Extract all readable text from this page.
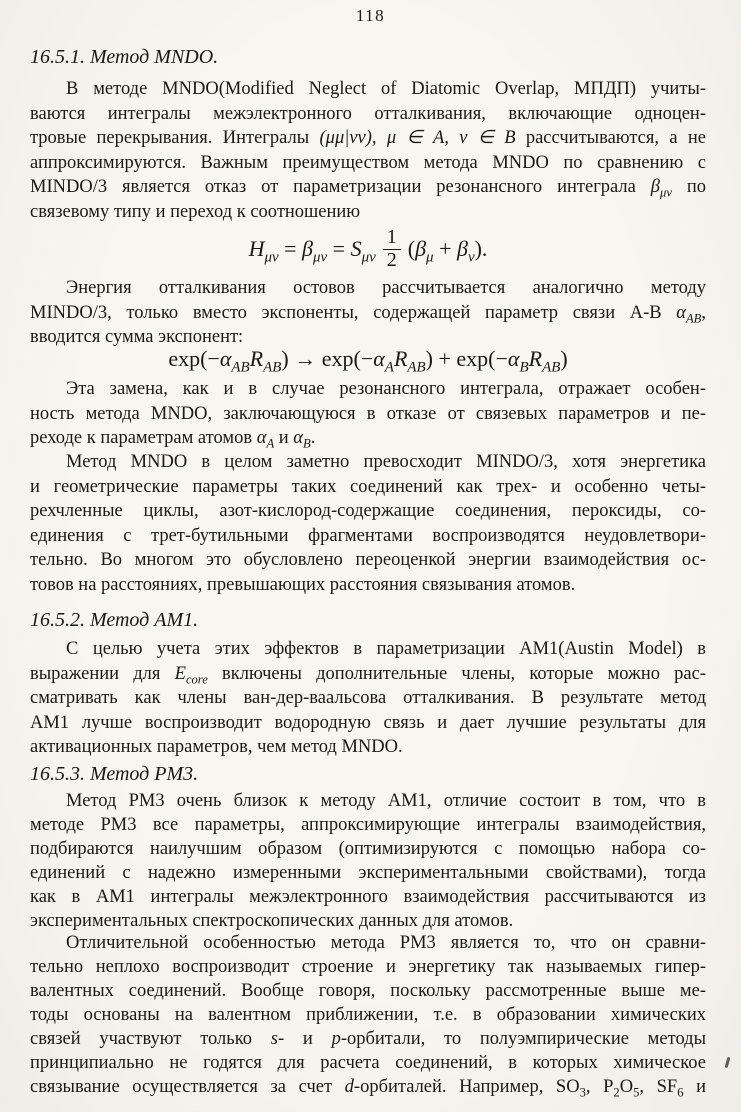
118
16.5.1. Метод MNDO.
В методе MNDO(Modified Neglect of Diatomic Overlap, МПДП) учиты-
ваются интегралы межэлектронного отталкивания, включающие одноцен-
тровые перекрывания. Интегралы (μμ|νν), μ ∈ A, ν ∈ B рассчитываются, а не
аппроксимируются. Важным преимуществом метода MNDO по сравнению с
MINDO/3 является отказ от параметризации резонансного интеграла $\beta_{\mu\nu}$ по
связевому типу и переход к соотношению
$H_{\mu\nu} = \beta_{\mu\nu} = S_{\mu\nu} \frac{1}{2} (\beta_\mu + \beta_\nu)$.
Энергия отталкивания остовов рассчитывается аналогично методу
MINDO/3, только вместо экспоненты, содержащей параметр связи A-B $\alpha_{AB}$,
вводится сумма экспонент:
$\exp(-\alpha_{AB}R_{AB}) \to \exp(-\alpha_AR_{AB}) + \exp(-\alpha_BR_{AB})$
Эта замена, как и в случае резонансного интеграла, отражает особен-
ность метода MNDO, заключающуюся в отказе от связевых параметров и пе-
реходе к параметрам атомов $\alpha_A$ и $\alpha_B$.
Метод MNDO в целом заметно превосходит MINDO/3, хотя энергетика
и геометрические параметры таких соединений как трех- и особенно четы-
рехчленные циклы, азот-кислород-содержащие соединения, пероксиды, со-
единения с трет-бутильными фрагментами воспроизводятся неудовлетвори-
тельно. Во многом это обусловлено переоценкой энергии взаимодействия ос-
товов на расстояниях, превышающих расстояния связывания атомов.
16.5.2. Метод AM1.
С целью учета этих эффектов в параметризации AM1(Austin Model) в
выражении для $E_{core}$ включены дополнительные члены, которые можно рас-
сматривать как члены ван-дер-ваальсова отталкивания. В результате метод
AM1 лучше воспроизводит водородную связь и дает лучшие результаты для
активационных параметров, чем метод MNDO.
16.5.3. Метод PM3.
Метод PM3 очень близок к методу AM1, отличие состоит в том, что в
методе PM3 все параметры, аппроксимирующие интегралы взаимодействия,
подбираются наилучшим образом (оптимизируются с помощью набора со-
единений с надежно измеренными экспериментальными свойствами), тогда
как в AM1 интегралы межэлектронного взаимодействия рассчитываются из
экспериментальных спектроскопических данных для атомов.
Отличительной особенностью метода PM3 является то, что он сравни-
тельно неплохо воспроизводит строение и энергетику так называемых гипер-
валентных соединений. Вообще говоря, поскольку рассмотренные выше ме-
тоды основаны на валентном приближении, т.е. в образовании химических
связей участвуют только s- и p-орбитали, то полуэмпирические методы
принципиально не годятся для расчета соединений, в которых химическое
связывание осуществляется за счет d-орбиталей. Например, $SO_3$, $P_2O_5$, $SF_6$ и
